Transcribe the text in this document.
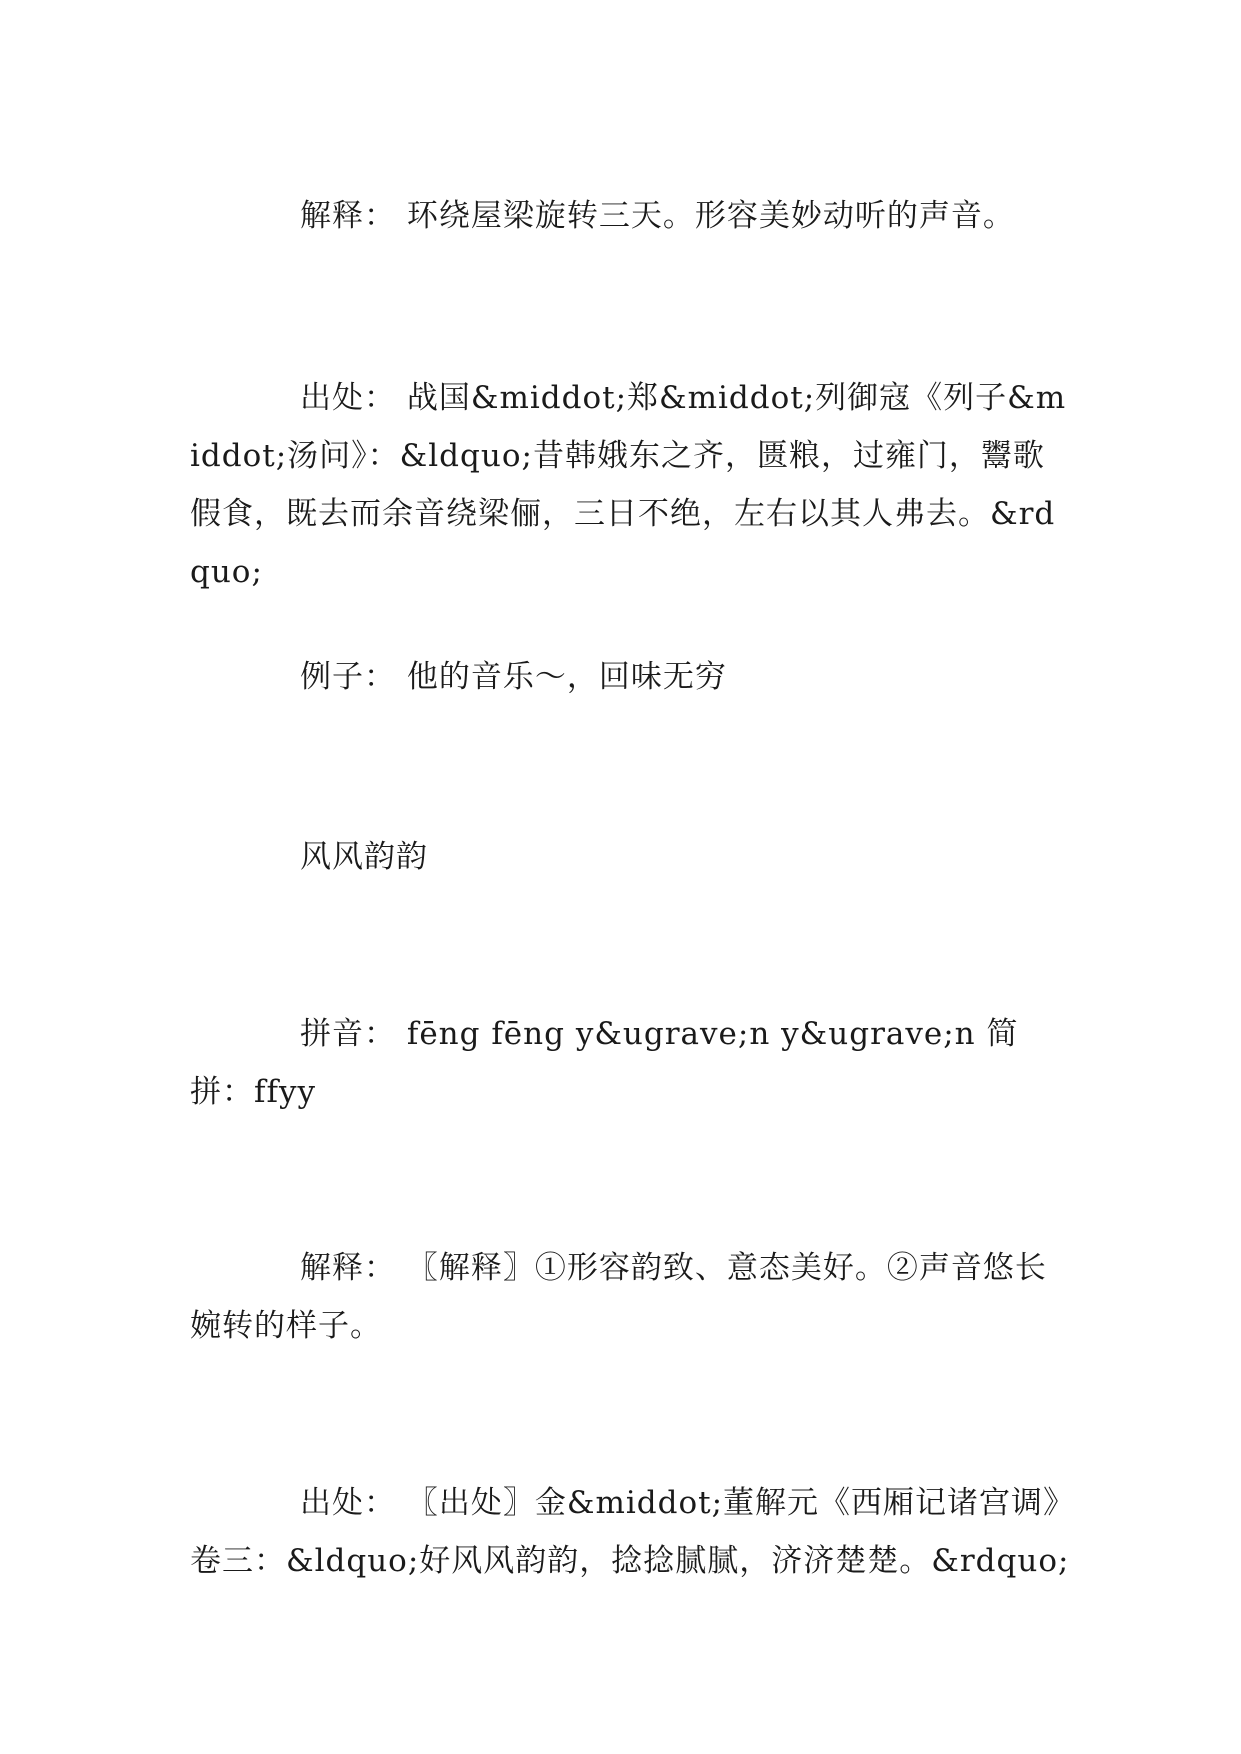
解释： 环绕屋梁旋转三天。形容美妙动听的声音。

出处： 战国&middot;郑&middot;列御寇《列子&middot;汤问》：&ldquo;昔韩娥东之齐，匮粮，过雍门，鬻歌假食，既去而余音绕梁俪，三日不绝，左右以其人弗去。&rdquo;

例子： 他的音乐～，回味无穷

风风韵韵

拼音： fēng fēng y&ugrave;n y&ugrave;n 简拼：ffyy

解释： 〖解释〗①形容韵致、意态美好。②声音悠长婉转的样子。

出处： 〖出处〗金&middot;董解元《西厢记诸宫调》卷三：&ldquo;好风风韵韵，捻捻腻腻，济济楚楚。&rdquo;
